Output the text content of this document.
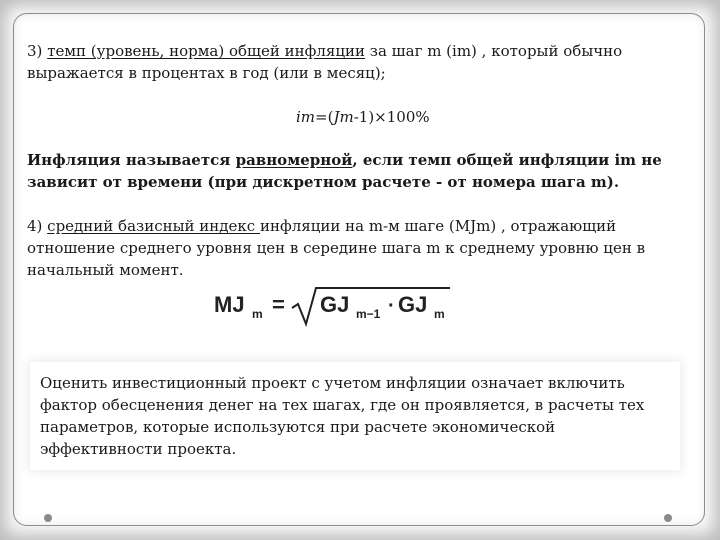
3) темп (уровень, норма) общей инфляции за шаг m (im) , который обычно
выражается в процентах в год (или в месяц);
im=(Jm-1)×100%
Инфляция называется равномерной, если темп общей инфляции im не
зависит от времени (при дискретном расчете - от номера шага m).
4) средний базисный индекс инфляции на m-м шаге (MJm) , отражающий
отношение среднего уровня цен в середине шага m к среднему уровню цен в
начальный момент.
MJ m = GJ m−1 · GJ m
Оценить инвестиционный проект с учетом инфляции означает включить
фактор обесценения денег на тех шагах, где он проявляется, в расчеты тех
параметров, которые используются при расчете экономической
эффективности проекта.
